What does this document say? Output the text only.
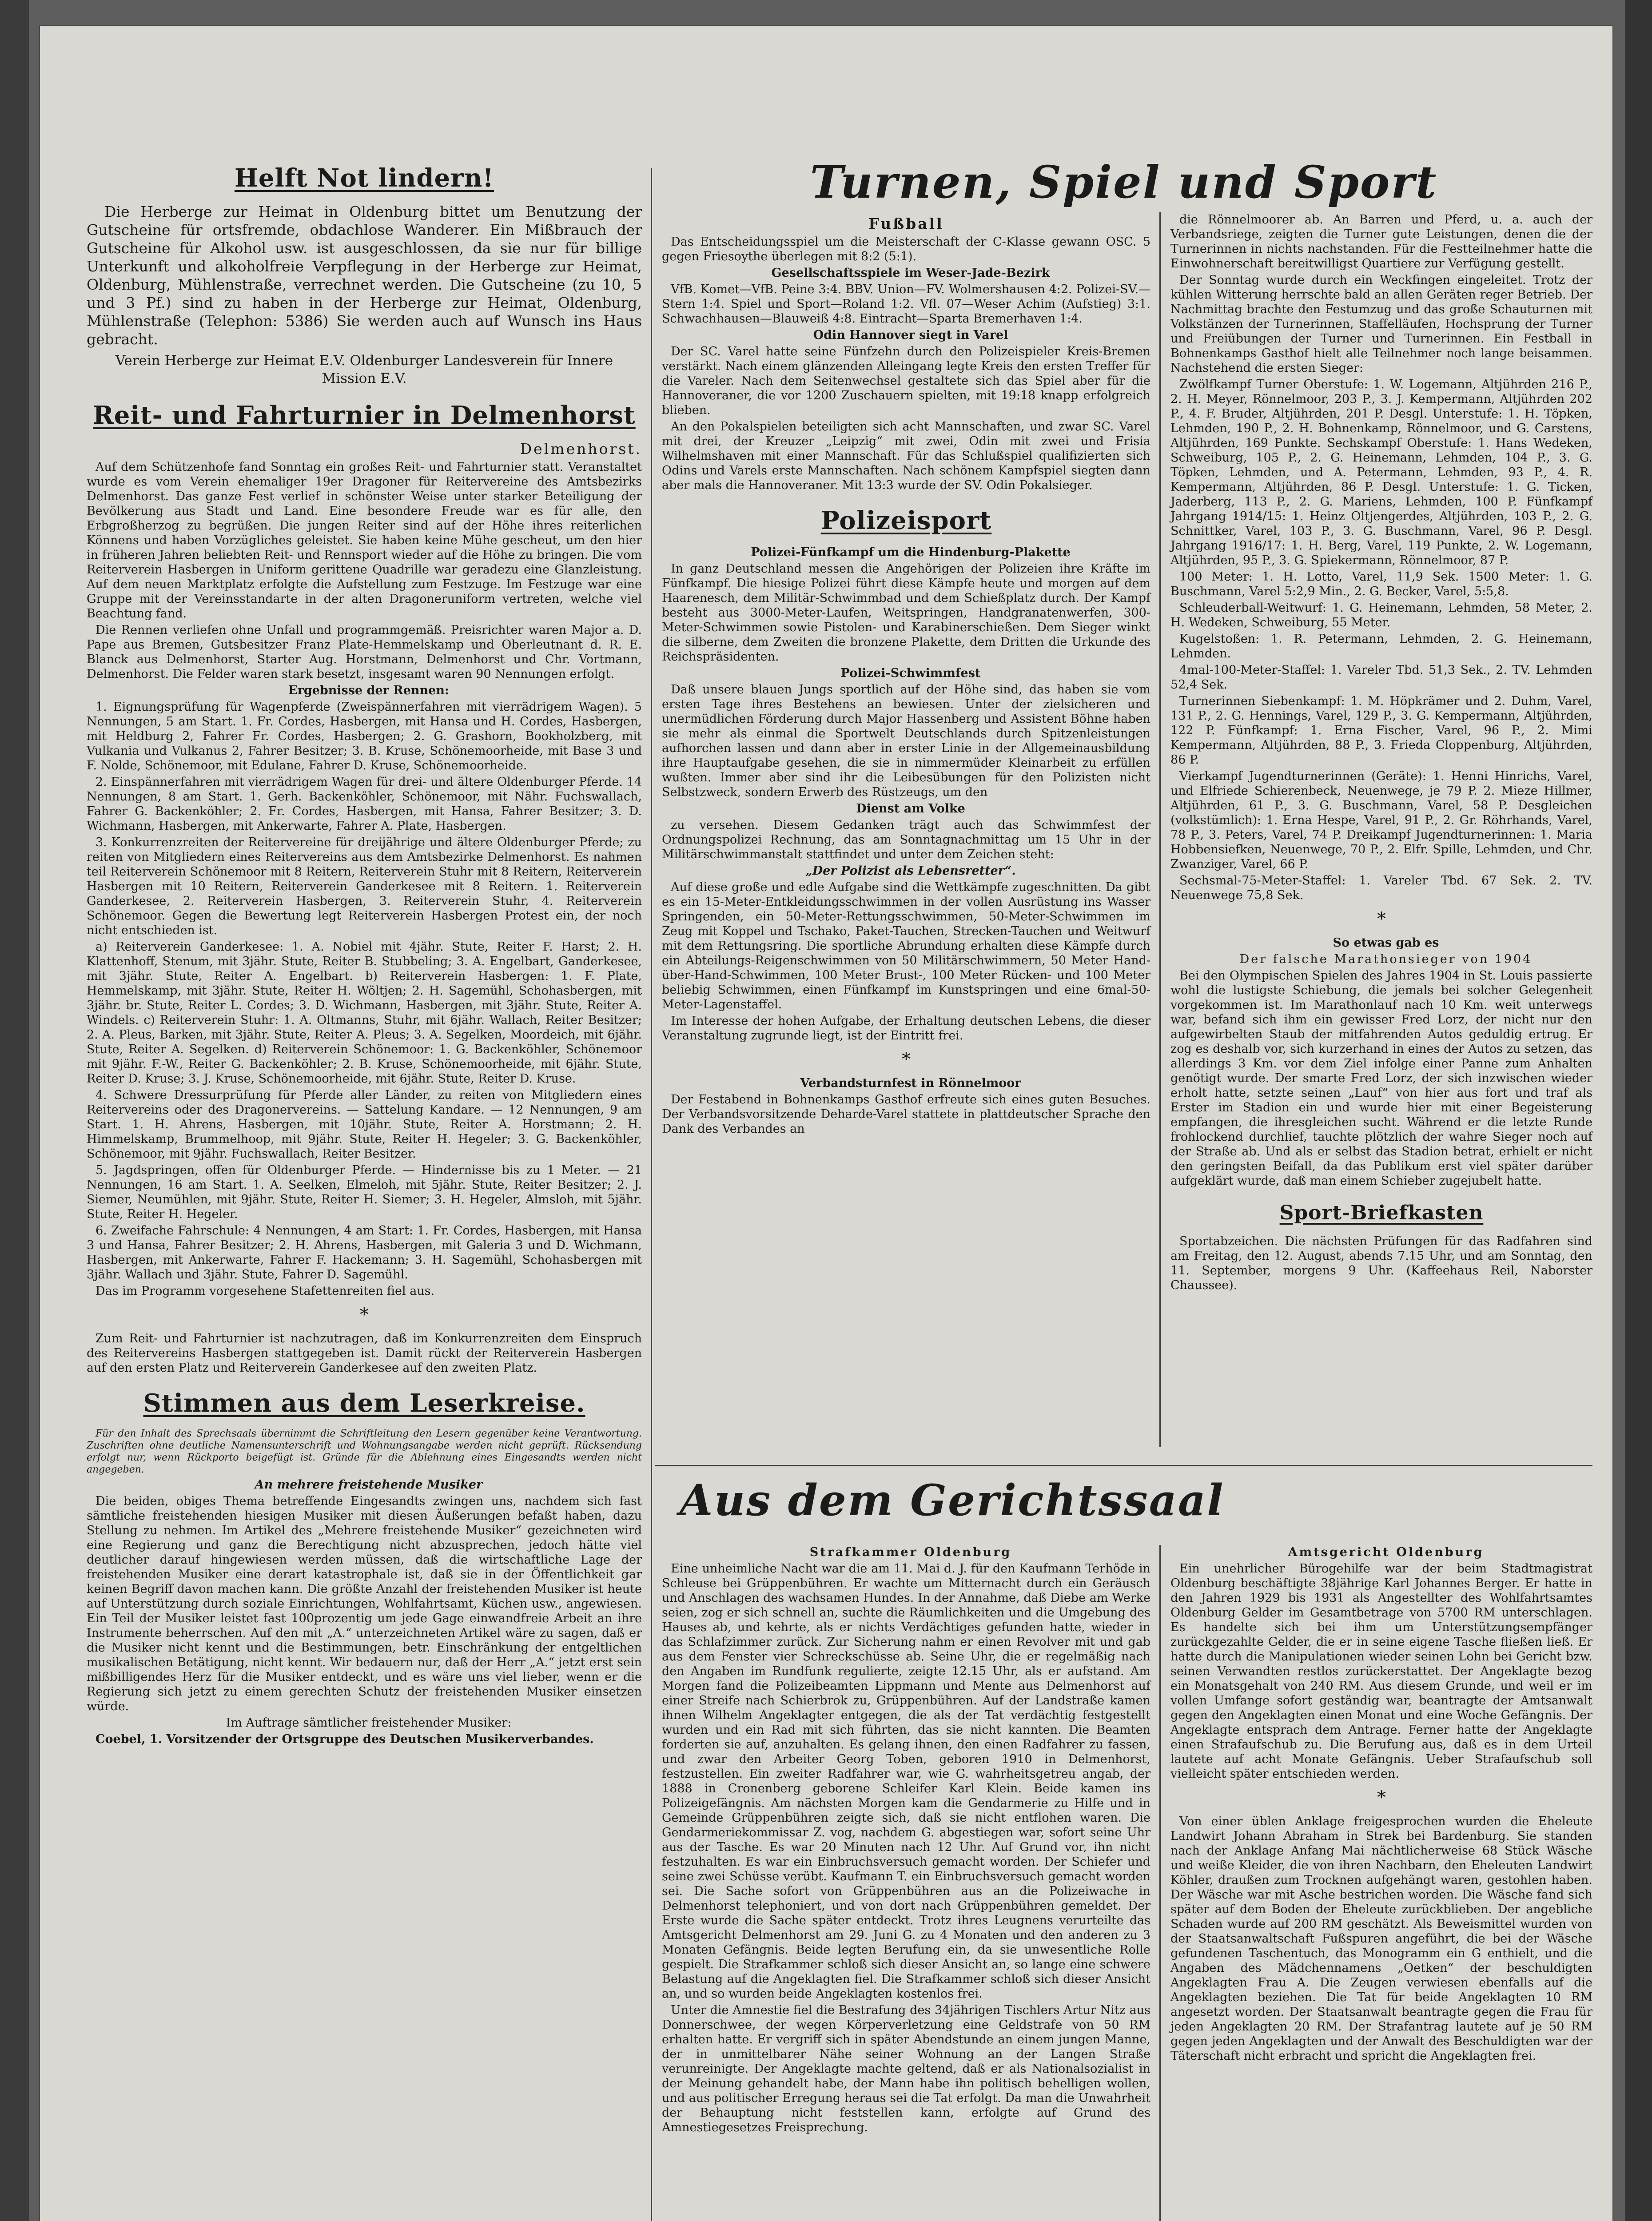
Helft Not lindern!

Die Herberge zur Heimat in Oldenburg bittet um Benutzung der Gutscheine für ortsfremde, obdachlose Wanderer. Ein Mißbrauch der Gutscheine für Alkohol usw. ist ausgeschlossen, da sie nur für billige Unterkunft und alkoholfreie Verpflegung in der Herberge zur Heimat, Oldenburg, Mühlenstraße, verrechnet werden. Die Gutscheine (zu 10, 5 und 3 Pf.) sind zu haben in der Herberge zur Heimat, Oldenburg, Mühlenstraße (Telephon: 5386) Sie werden auch auf Wunsch ins Haus gebracht.

Verein Herberge zur Heimat E.V. Oldenburger Landesverein für Innere Mission E.V.

Reit- und Fahrturnier in Delmenhorst

Delmenhorst.

Auf dem Schützenhofe fand Sonntag ein großes Reit- und Fahrturnier statt. Veranstaltet wurde es vom Verein ehemaliger 19er Dragoner für Reitervereine des Amtsbezirks Delmenhorst. Das ganze Fest verlief in schönster Weise unter starker Beteiligung der Bevölkerung aus Stadt und Land. Eine besondere Freude war es für alle, den Erbgroßherzog zu begrüßen. Die jungen Reiter sind auf der Höhe ihres reiterlichen Könnens und haben Vorzügliches geleistet. Sie haben keine Mühe gescheut, um den hier in früheren Jahren beliebten Reit- und Rennsport wieder auf die Höhe zu bringen. Die vom Reiterverein Hasbergen in Uniform gerittene Quadrille war geradezu eine Glanzleistung. Auf dem neuen Marktplatz erfolgte die Aufstellung zum Festzuge. Im Festzuge war eine Gruppe mit der Vereinsstandarte in der alten Dragoneruniform vertreten, welche viel Beachtung fand.

Die Rennen verliefen ohne Unfall und programmgemäß. Preisrichter waren Major a. D. Pape aus Bremen, Gutsbesitzer Franz Plate-Hemmelskamp und Oberleutnant d. R. E. Blanck aus Delmenhorst, Starter Aug. Horstmann, Delmenhorst und Chr. Vortmann, Delmenhorst. Die Felder waren stark besetzt, insgesamt waren 90 Nennungen erfolgt.

Ergebnisse der Rennen:

1. Eignungsprüfung für Wagenpferde (Zweispännerfahren mit vierrädrigem Wagen). 5 Nennungen, 5 am Start. 1. Fr. Cordes, Hasbergen, mit Hansa und H. Cordes, Hasbergen, mit Heldburg 2, Fahrer Fr. Cordes, Hasbergen; 2. G. Grashorn, Bookholzberg, mit Vulkania und Vulkanus 2, Fahrer Besitzer; 3. B. Kruse, Schönemoorheide, mit Base 3 und F. Nolde, Schönemoor, mit Edulane, Fahrer D. Kruse, Schönemoorheide.

2. Einspännerfahren mit vierrädrigem Wagen für drei- und ältere Oldenburger Pferde. 14 Nennungen, 8 am Start. 1. Gerh. Backenköhler, Schönemoor, mit Nähr. Fuchswallach, Fahrer G. Backenköhler; 2. Fr. Cordes, Hasbergen, mit Hansa, Fahrer Besitzer; 3. D. Wichmann, Hasbergen, mit Ankerwarte, Fahrer A. Plate, Hasbergen.

3. Konkurrenzreiten der Reitervereine für dreijährige und ältere Oldenburger Pferde; zu reiten von Mitgliedern eines Reitervereins aus dem Amtsbezirke Delmenhorst. Es nahmen teil Reiterverein Schönemoor mit 8 Reitern, Reiterverein Stuhr mit 8 Reitern, Reiterverein Hasbergen mit 10 Reitern, Reiterverein Ganderkesee mit 8 Reitern. 1. Reiterverein Ganderkesee, 2. Reiterverein Hasbergen, 3. Reiterverein Stuhr, 4. Reiterverein Schönemoor. Gegen die Bewertung legt Reiterverein Hasbergen Protest ein, der noch nicht entschieden ist.

a) Reiterverein Ganderkesee: 1. A. Nobiel mit 4jähr. Stute, Reiter F. Harst; 2. H. Klattenhoff, Stenum, mit 3jähr. Stute, Reiter B. Stubbeling; 3. A. Engelbart, Ganderkesee, mit 3jähr. Stute, Reiter A. Engelbart. b) Reiterverein Hasbergen: 1. F. Plate, Hemmelskamp, mit 3jähr. Stute, Reiter H. Wöltjen; 2. H. Sagemühl, Schohasbergen, mit 3jähr. br. Stute, Reiter L. Cordes; 3. D. Wichmann, Hasbergen, mit 3jähr. Stute, Reiter A. Windels. c) Reiterverein Stuhr: 1. A. Oltmanns, Stuhr, mit 6jähr. Wallach, Reiter Besitzer; 2. A. Pleus, Barken, mit 3jähr. Stute, Reiter A. Pleus; 3. A. Segelken, Moordeich, mit 6jähr. Stute, Reiter A. Segelken. d) Reiterverein Schönemoor: 1. G. Backenköhler, Schönemoor mit 9jähr. F.-W., Reiter G. Backenköhler; 2. B. Kruse, Schönemoorheide, mit 6jähr. Stute, Reiter D. Kruse; 3. J. Kruse, Schönemoorheide, mit 6jähr. Stute, Reiter D. Kruse.

4. Schwere Dressurprüfung für Pferde aller Länder, zu reiten von Mitgliedern eines Reitervereins oder des Dragonervereins. — Sattelung Kandare. — 12 Nennungen, 9 am Start. 1. H. Ahrens, Hasbergen, mit 10jähr. Stute, Reiter A. Horstmann; 2. H. Himmelskamp, Brummelhoop, mit 9jähr. Stute, Reiter H. Hegeler; 3. G. Backenköhler, Schönemoor, mit 9jähr. Fuchswallach, Reiter Besitzer.

5. Jagdspringen, offen für Oldenburger Pferde. — Hindernisse bis zu 1 Meter. — 21 Nennungen, 16 am Start. 1. A. Seelken, Elmeloh, mit 5jähr. Stute, Reiter Besitzer; 2. J. Siemer, Neumühlen, mit 9jähr. Stute, Reiter H. Siemer; 3. H. Hegeler, Almsloh, mit 5jähr. Stute, Reiter H. Hegeler.

6. Zweifache Fahrschule: 4 Nennungen, 4 am Start: 1. Fr. Cordes, Hasbergen, mit Hansa 3 und Hansa, Fahrer Besitzer; 2. H. Ahrens, Hasbergen, mit Galeria 3 und D. Wichmann, Hasbergen, mit Ankerwarte, Fahrer F. Hackemann; 3. H. Sagemühl, Schohasbergen mit 3jähr. Wallach und 3jähr. Stute, Fahrer D. Sagemühl.

Das im Programm vorgesehene Stafettenreiten fiel aus.

*

Zum Reit- und Fahrturnier ist nachzutragen, daß im Konkurrenzreiten dem Einspruch des Reitervereins Hasbergen stattgegeben ist. Damit rückt der Reiterverein Hasbergen auf den ersten Platz und Reiterverein Ganderkesee auf den zweiten Platz.

Stimmen aus dem Leserkreise.

Für den Inhalt des Sprechsaals übernimmt die Schriftleitung den Lesern gegenüber keine Verantwortung. Zuschriften ohne deutliche Namensunterschrift und Wohnungsangabe werden nicht geprüft. Rücksendung erfolgt nur, wenn Rückporto beigefügt ist. Gründe für die Ablehnung eines Eingesandts werden nicht angegeben.

An mehrere freistehende Musiker

Die beiden, obiges Thema betreffende Eingesandts zwingen uns, nachdem sich fast sämtliche freistehenden hiesigen Musiker mit diesen Äußerungen befaßt haben, dazu Stellung zu nehmen. Im Artikel des „Mehrere freistehende Musiker“ gezeichneten wird eine Regierung und ganz die Berechtigung nicht abzusprechen, jedoch hätte viel deutlicher darauf hingewiesen werden müssen, daß die wirtschaftliche Lage der freistehenden Musiker eine derart katastrophale ist, daß sie in der Öffentlichkeit gar keinen Begriff davon machen kann. Die größte Anzahl der freistehenden Musiker ist heute auf Unterstützung durch soziale Einrichtungen, Wohlfahrtsamt, Küchen usw., angewiesen. Ein Teil der Musiker leistet fast 100prozentig um jede Gage einwandfreie Arbeit an ihre Instrumente beherrschen. Auf den mit „A.“ unterzeichneten Artikel wäre zu sagen, daß er die Musiker nicht kennt und die Bestimmungen, betr. Einschränkung der entgeltlichen musikalischen Betätigung, nicht kennt. Wir bedauern nur, daß der Herr „A.“ jetzt erst sein mißbilligendes Herz für die Musiker entdeckt, und es wäre uns viel lieber, wenn er die Regierung sich jetzt zu einem gerechten Schutz der freistehenden Musiker einsetzen würde.

Im Auftrage sämtlicher freistehender Musiker:

Coebel, 1. Vorsitzender der Ortsgruppe des Deutschen Musikerverbandes.

Turnen, Spiel und Sport

Fußball

Das Entscheidungsspiel um die Meisterschaft der C-Klasse gewann OSC. 5 gegen Friesoythe überlegen mit 8:2 (5:1).

Gesellschaftsspiele im Weser-Jade-Bezirk

VfB. Komet—VfB. Peine 3:4. BBV. Union—FV. Wolmershausen 4:2. Polizei-SV.—Stern 1:4. Spiel und Sport—Roland 1:2. Vfl. 07—Weser Achim (Aufstieg) 3:1. Schwachhausen—Blauweiß 4:8. Eintracht—Sparta Bremerhaven 1:4.

Odin Hannover siegt in Varel

Der SC. Varel hatte seine Fünfzehn durch den Polizeispieler Kreis-Bremen verstärkt. Nach einem glänzenden Alleingang legte Kreis den ersten Treffer für die Vareler. Nach dem Seitenwechsel gestaltete sich das Spiel aber für die Hannoveraner, die vor 1200 Zuschauern spielten, mit 19:18 knapp erfolgreich blieben.

An den Pokalspielen beteiligten sich acht Mannschaften, und zwar SC. Varel mit drei, der Kreuzer „Leipzig“ mit zwei, Odin mit zwei und Frisia Wilhelmshaven mit einer Mannschaft. Für das Schlußspiel qualifizierten sich Odins und Varels erste Mannschaften. Nach schönem Kampfspiel siegten dann aber mals die Hannoveraner. Mit 13:3 wurde der SV. Odin Pokalsieger.

Polizeisport

Polizei-Fünfkampf um die Hindenburg-Plakette

In ganz Deutschland messen die Angehörigen der Polizeien ihre Kräfte im Fünfkampf. Die hiesige Polizei führt diese Kämpfe heute und morgen auf dem Haarenesch, dem Militär-Schwimmbad und dem Schießplatz durch. Der Kampf besteht aus 3000-Meter-Laufen, Weitspringen, Handgranatenwerfen, 300-Meter-Schwimmen sowie Pistolen- und Karabinerschießen. Dem Sieger winkt die silberne, dem Zweiten die bronzene Plakette, dem Dritten die Urkunde des Reichspräsidenten.

Polizei-Schwimmfest

Daß unsere blauen Jungs sportlich auf der Höhe sind, das haben sie vom ersten Tage ihres Bestehens an bewiesen. Unter der zielsicheren und unermüdlichen Förderung durch Major Hassenberg und Assistent Böhne haben sie mehr als einmal die Sportwelt Deutschlands durch Spitzenleistungen aufhorchen lassen und dann aber in erster Linie in der Allgemeinausbildung ihre Hauptaufgabe gesehen, die sie in nimmermüder Kleinarbeit zu erfüllen wußten. Immer aber sind ihr die Leibesübungen für den Polizisten nicht Selbstzweck, sondern Erwerb des Rüstzeugs, um den

Dienst am Volke

zu versehen. Diesem Gedanken trägt auch das Schwimmfest der Ordnungspolizei Rechnung, das am Sonntagnachmittag um 15 Uhr in der Militärschwimmanstalt stattfindet und unter dem Zeichen steht:

„Der Polizist als Lebensretter“.

Auf diese große und edle Aufgabe sind die Wettkämpfe zugeschnitten. Da gibt es ein 15-Meter-Entkleidungsschwimmen in der vollen Ausrüstung ins Wasser Springenden, ein 50-Meter-Rettungsschwimmen, 50-Meter-Schwimmen im Zeug mit Koppel und Tschako, Paket-Tauchen, Strecken-Tauchen und Weitwurf mit dem Rettungsring. Die sportliche Abrundung erhalten diese Kämpfe durch ein Abteilungs-Reigenschwimmen von 50 Militärschwimmern, 50 Meter Hand-über-Hand-Schwimmen, 100 Meter Brust-, 100 Meter Rücken- und 100 Meter beliebig Schwimmen, einen Fünfkampf im Kunstspringen und eine 6mal-50-Meter-Lagenstaffel.

Im Interesse der hohen Aufgabe, der Erhaltung deutschen Lebens, die dieser Veranstaltung zugrunde liegt, ist der Eintritt frei.

*

Verbandsturnfest in Rönnelmoor

Der Festabend in Bohnenkamps Gasthof erfreute sich eines guten Besuches. Der Verbandsvorsitzende Deharde-Varel stattete in plattdeutscher Sprache den Dank des Verbandes an

die Rönnelmoorer ab. An Barren und Pferd, u. a. auch der Verbandsriege, zeigten die Turner gute Leistungen, denen die der Turnerinnen in nichts nachstanden. Für die Festteilnehmer hatte die Einwohnerschaft bereitwilligst Quartiere zur Verfügung gestellt.

Der Sonntag wurde durch ein Weckfingen eingeleitet. Trotz der kühlen Witterung herrschte bald an allen Geräten reger Betrieb. Der Nachmittag brachte den Festumzug und das große Schauturnen mit Volkstänzen der Turnerinnen, Staffelläufen, Hochsprung der Turner und Freiübungen der Turner und Turnerinnen. Ein Festball in Bohnenkamps Gasthof hielt alle Teilnehmer noch lange beisammen. Nachstehend die ersten Sieger:

Zwölfkampf Turner Oberstufe: 1. W. Logemann, Altjührden 216 P., 2. H. Meyer, Rönnelmoor, 203 P., 3. J. Kempermann, Altjührden 202 P., 4. F. Bruder, Altjührden, 201 P. Desgl. Unterstufe: 1. H. Töpken, Lehmden, 190 P., 2. H. Bohnenkamp, Rönnelmoor, und G. Carstens, Altjührden, 169 Punkte. Sechskampf Oberstufe: 1. Hans Wedeken, Schweiburg, 105 P., 2. G. Heinemann, Lehmden, 104 P., 3. G. Töpken, Lehmden, und A. Petermann, Lehmden, 93 P., 4. R. Kempermann, Altjührden, 86 P. Desgl. Unterstufe: 1. G. Ticken, Jaderberg, 113 P., 2. G. Mariens, Lehmden, 100 P. Fünfkampf Jahrgang 1914/15: 1. Heinz Oltjengerdes, Altjührden, 103 P., 2. G. Schnittker, Varel, 103 P., 3. G. Buschmann, Varel, 96 P. Desgl. Jahrgang 1916/17: 1. H. Berg, Varel, 119 Punkte, 2. W. Logemann, Altjührden, 95 P., 3. G. Spiekermann, Rönnelmoor, 87 P.

100 Meter: 1. H. Lotto, Varel, 11,9 Sek. 1500 Meter: 1. G. Buschmann, Varel 5:2,9 Min., 2. G. Becker, Varel, 5:5,8.

Schleuderball-Weitwurf: 1. G. Heinemann, Lehmden, 58 Meter, 2. H. Wedeken, Schweiburg, 55 Meter.

Kugelstoßen: 1. R. Petermann, Lehmden, 2. G. Heinemann, Lehmden.

4mal-100-Meter-Staffel: 1. Vareler Tbd. 51,3 Sek., 2. TV. Lehmden 52,4 Sek.

Turnerinnen Siebenkampf: 1. M. Höpkrämer und 2. Duhm, Varel, 131 P., 2. G. Hennings, Varel, 129 P., 3. G. Kempermann, Altjührden, 122 P. Fünfkampf: 1. Erna Fischer, Varel, 96 P., 2. Mimi Kempermann, Altjührden, 88 P., 3. Frieda Cloppenburg, Altjührden, 86 P.

Vierkampf Jugendturnerinnen (Geräte): 1. Henni Hinrichs, Varel, und Elfriede Schierenbeck, Neuenwege, je 79 P. 2. Mieze Hillmer, Altjührden, 61 P., 3. G. Buschmann, Varel, 58 P. Desgleichen (volkstümlich): 1. Erna Hespe, Varel, 91 P., 2. Gr. Röhrhands, Varel, 78 P., 3. Peters, Varel, 74 P. Dreikampf Jugendturnerinnen: 1. Maria Hobbensiefken, Neuenwege, 70 P., 2. Elfr. Spille, Lehmden, und Chr. Zwanziger, Varel, 66 P.

Sechsmal-75-Meter-Staffel: 1. Vareler Tbd. 67 Sek. 2. TV. Neuenwege 75,8 Sek.

*

So etwas gab es

Der falsche Marathonsieger von 1904

Bei den Olympischen Spielen des Jahres 1904 in St. Louis passierte wohl die lustigste Schiebung, die jemals bei solcher Gelegenheit vorgekommen ist. Im Marathonlauf nach 10 Km. weit unterwegs war, befand sich ihm ein gewisser Fred Lorz, der nicht nur den aufgewirbelten Staub der mitfahrenden Autos geduldig ertrug. Er zog es deshalb vor, sich kurzerhand in eines der Autos zu setzen, das allerdings 3 Km. vor dem Ziel infolge einer Panne zum Anhalten genötigt wurde. Der smarte Fred Lorz, der sich inzwischen wieder erholt hatte, setzte seinen „Lauf“ von hier aus fort und traf als Erster im Stadion ein und wurde hier mit einer Begeisterung empfangen, die ihresgleichen sucht. Während er die letzte Runde frohlockend durchlief, tauchte plötzlich der wahre Sieger noch auf der Straße ab. Und als er selbst das Stadion betrat, erhielt er nicht den geringsten Beifall, da das Publikum erst viel später darüber aufgeklärt wurde, daß man einem Schieber zugejubelt hatte.

Sport-Briefkasten

Sportabzeichen. Die nächsten Prüfungen für das Radfahren sind am Freitag, den 12. August, abends 7.15 Uhr, und am Sonntag, den 11. September, morgens 9 Uhr. (Kaffeehaus Reil, Naborster Chaussee).

Aus dem Gerichtssaal

Strafkammer Oldenburg

Eine unheimliche Nacht war die am 11. Mai d. J. für den Kaufmann Terhöde in Schleuse bei Grüppenbühren. Er wachte um Mitternacht durch ein Geräusch und Anschlagen des wachsamen Hundes. In der Annahme, daß Diebe am Werke seien, zog er sich schnell an, suchte die Räumlichkeiten und die Umgebung des Hauses ab, und kehrte, als er nichts Verdächtiges gefunden hatte, wieder in das Schlafzimmer zurück. Zur Sicherung nahm er einen Revolver mit und gab aus dem Fenster vier Schreckschüsse ab. Seine Uhr, die er regelmäßig nach den Angaben im Rundfunk regulierte, zeigte 12.15 Uhr, als er aufstand. Am Morgen fand die Polizeibeamten Lippmann und Mente aus Delmenhorst auf einer Streife nach Schierbrok zu, Grüppenbühren. Auf der Landstraße kamen ihnen Wilhelm Angeklagter entgegen, die als der Tat verdächtig festgestellt wurden und ein Rad mit sich führten, das sie nicht kannten. Die Beamten forderten sie auf, anzuhalten. Es gelang ihnen, den einen Radfahrer zu fassen, und zwar den Arbeiter Georg Toben, geboren 1910 in Delmenhorst, festzustellen. Ein zweiter Radfahrer war, wie G. wahrheitsgetreu angab, der 1888 in Cronenberg geborene Schleifer Karl Klein. Beide kamen ins Polizeigefängnis. Am nächsten Morgen kam die Gendarmerie zu Hilfe und in Gemeinde Grüppenbühren zeigte sich, daß sie nicht entflohen waren. Die Gendarmeriekommissar Z. vog, nachdem G. abgestiegen war, sofort seine Uhr aus der Tasche. Es war 20 Minuten nach 12 Uhr. Auf Grund vor, ihn nicht festzuhalten. Es war ein Einbruchsversuch gemacht worden. Der Schiefer und seine zwei Schüsse verübt. Kaufmann T. ein Einbruchsversuch gemacht worden sei. Die Sache sofort von Grüppenbühren aus an die Polizeiwache in Delmenhorst telephoniert, und von dort nach Grüppenbühren gemeldet. Der Erste wurde die Sache später entdeckt. Trotz ihres Leugnens verurteilte das Amtsgericht Delmenhorst am 29. Juni G. zu 4 Monaten und den anderen zu 3 Monaten Gefängnis. Beide legten Berufung ein, da sie unwesentliche Rolle gespielt. Die Strafkammer schloß sich dieser Ansicht an, so lange eine schwere Belastung auf die Angeklagten fiel. Die Strafkammer schloß sich dieser Ansicht an, und so wurden beide Angeklagten kostenlos frei.

Unter die Amnestie fiel die Bestrafung des 34jährigen Tischlers Artur Nitz aus Donnerschwee, der wegen Körperverletzung eine Geldstrafe von 50 RM erhalten hatte. Er vergriff sich in später Abendstunde an einem jungen Manne, der in unmittelbarer Nähe seiner Wohnung an der Langen Straße verunreinigte. Der Angeklagte machte geltend, daß er als Nationalsozialist in der Meinung gehandelt habe, der Mann habe ihn politisch behelligen wollen, und aus politischer Erregung heraus sei die Tat erfolgt. Da man die Unwahrheit der Behauptung nicht feststellen kann, erfolgte auf Grund des Amnestiegesetzes Freisprechung.

Amtsgericht Oldenburg

Ein unehrlicher Bürogehilfe war der beim Stadtmagistrat Oldenburg beschäftigte 38jährige Karl Johannes Berger. Er hatte in den Jahren 1929 bis 1931 als Angestellter des Wohlfahrtsamtes Oldenburg Gelder im Gesamtbetrage von 5700 RM unterschlagen. Es handelte sich bei ihm um Unterstützungsempfänger zurückgezahlte Gelder, die er in seine eigene Tasche fließen ließ. Er hatte durch die Manipulationen wieder seinen Lohn bei Gericht bzw. seinen Verwandten restlos zurückerstattet. Der Angeklagte bezog ein Monatsgehalt von 240 RM. Aus diesem Grunde, und weil er im vollen Umfange sofort geständig war, beantragte der Amtsanwalt gegen den Angeklagten einen Monat und eine Woche Gefängnis. Der Angeklagte entsprach dem Antrage. Ferner hatte der Angeklagte einen Strafaufschub zu. Die Berufung aus, daß es in dem Urteil lautete auf acht Monate Gefängnis. Ueber Strafaufschub soll vielleicht später entschieden werden.

*

Von einer üblen Anklage freigesprochen wurden die Eheleute Landwirt Johann Abraham in Strek bei Bardenburg. Sie standen nach der Anklage Anfang Mai nächtlicherweise 68 Stück Wäsche und weiße Kleider, die von ihren Nachbarn, den Eheleuten Landwirt Köhler, draußen zum Trocknen aufgehängt waren, gestohlen haben. Der Wäsche war mit Asche bestrichen worden. Die Wäsche fand sich später auf dem Boden der Eheleute zurückblieben. Der angebliche Schaden wurde auf 200 RM geschätzt. Als Beweismittel wurden von der Staatsanwaltschaft Fußspuren angeführt, die bei der Wäsche gefundenen Taschentuch, das Monogramm ein G enthielt, und die Angaben des Mädchennamens „Oetken“ der beschuldigten Angeklagten Frau A. Die Zeugen verwiesen ebenfalls auf die Angeklagten beziehen. Die Tat für beide Angeklagten 10 RM angesetzt worden. Der Staatsanwalt beantragte gegen die Frau für jeden Angeklagten 20 RM. Der Strafantrag lautete auf je 50 RM gegen jeden Angeklagten und der Anwalt des Beschuldigten war der Täterschaft nicht erbracht und spricht die Angeklagten frei.
